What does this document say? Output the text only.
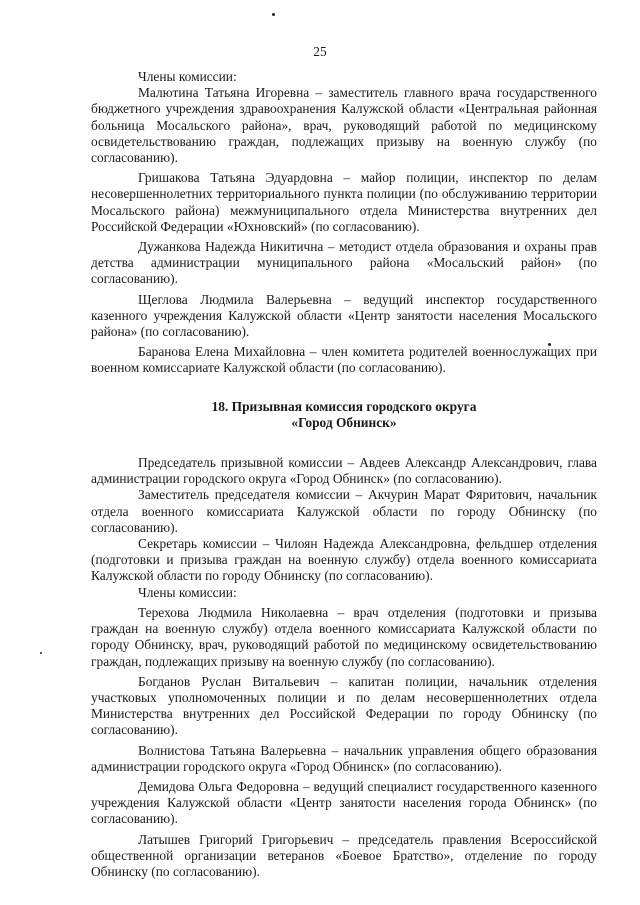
25

Члены комиссии:

Малютина Татьяна Игоревна – заместитель главного врача государственного бюджетного учреждения здравоохранения Калужской области «Центральная районная больница Мосальского района», врач, руководящий работой по медицинскому освидетельствованию граждан, подлежащих призыву на военную службу (по согласованию).

Гришакова Татьяна Эдуардовна – майор полиции, инспектор по делам несовершеннолетних территориального пункта полиции (по обслуживанию территории Мосальского района) межмуниципального отдела Министерства внутренних дел Российской Федерации «Юхновский» (по согласованию).

Дужанкова Надежда Никитична – методист отдела образования и охраны прав детства администрации муниципального района «Мосальский район» (по согласованию).

Щеглова Людмила Валерьевна – ведущий инспектор государственного казенного учреждения Калужской области «Центр занятости населения Мосальского района» (по согласованию).

Баранова Елена Михайловна – член комитета родителей военнослужащих при военном комиссариате Калужской области (по согласованию).

18. Призывная комиссия городского округа
«Город Обнинск»

Председатель призывной комиссии – Авдеев Александр Александрович, глава администрации городского округа «Город Обнинск» (по согласованию).

Заместитель председателя комиссии – Акчурин Марат Фяритович, начальник отдела военного комиссариата Калужской области по городу Обнинску (по согласованию).

Секретарь комиссии – Чилоян Надежда Александровна, фельдшер отделения (подготовки и призыва граждан на военную службу) отдела военного комиссариата Калужской области по городу Обнинску (по согласованию).

Члены комиссии:

Терехова Людмила Николаевна – врач отделения (подготовки и призыва граждан на военную службу) отдела военного комиссариата Калужской области по городу Обнинску, врач, руководящий работой по медицинскому освидетельствованию граждан, подлежащих призыву на военную службу (по согласованию).

Богданов Руслан Витальевич – капитан полиции, начальник отделения участковых уполномоченных полиции и по делам несовершеннолетних отдела Министерства внутренних дел Российской Федерации по городу Обнинску (по согласованию).

Волнистова Татьяна Валерьевна – начальник управления общего образования администрации городского округа «Город Обнинск» (по согласованию).

Демидова Ольга Федоровна – ведущий специалист государственного казенного учреждения Калужской области «Центр занятости населения города Обнинск» (по согласованию).

Латышев Григорий Григорьевич – председатель правления Всероссийской общественной организации ветеранов «Боевое Братство», отделение по городу Обнинску (по согласованию).
